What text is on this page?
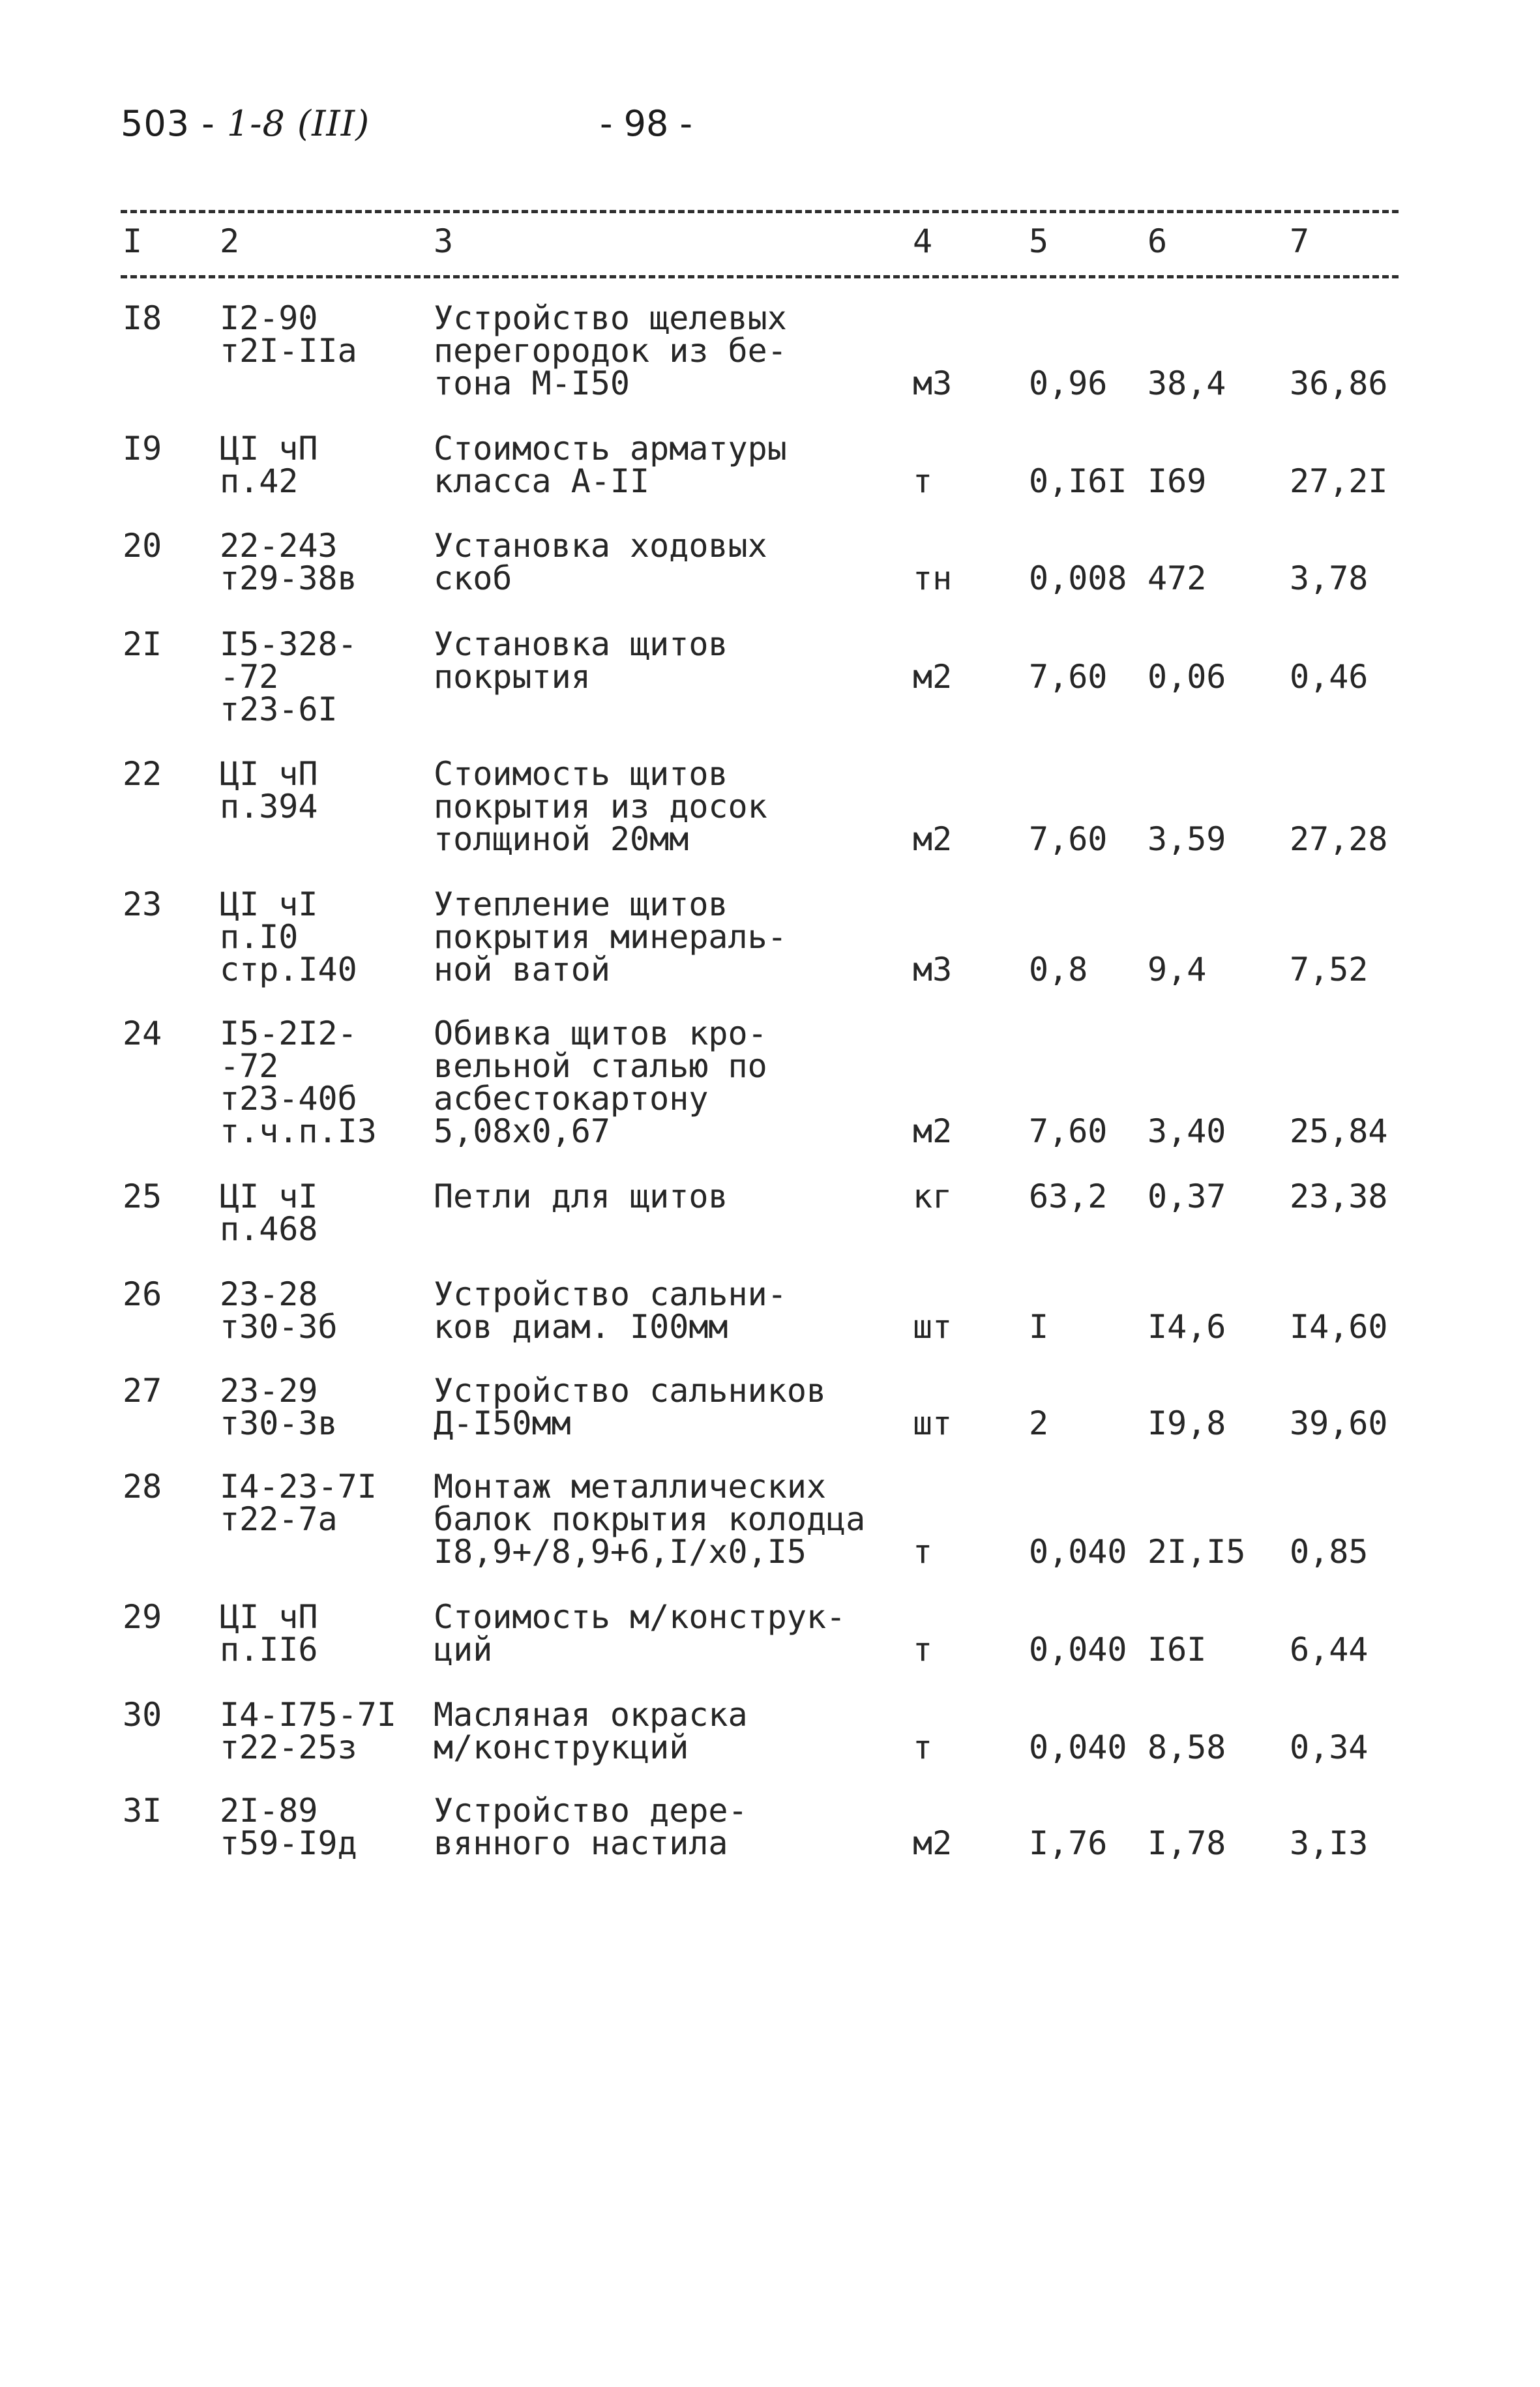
503 - 1-8 (III)	- 98 -
I 2	3	4	5	6	7
I8 I2-90
т2I-IIa
Устройство щелевых
перегородок из бе-
тона М-I50	м3 0,96 38,4 36,86
I9 ЦI чП
п.42
Стоимость арматуры
класса А-II	т	0,I6I I69	27,2I
20 22-243
т29-38в
Установка ходовых
скоб	тн 0,008 472	3,78
2I I5-328-
-72
т23-6I
Установка щитов
покрытия	м2 7,60 0,06 0,46
22 ЦI чП
п.394
Стоимость щитов
покрытия из досок
толщиной 20мм	м2 7,60 3,59 27,28
23 ЦI чI
п.I0
стр.I40
Утепление щитов
покрытия минераль-
ной ватой	м3 0,8 9,4	7,52
24 I5-2I2-
-72
т23-40б
т.ч.п.I3
Обивка щитов кро-
вельной сталью по
асбестокартону
5,08х0,67	м2 7,60 3,40 25,84
25 ЦI чI
п.468
Петли для щитов	кг 63,2 0,37 23,38
26 23-28
т30-3б
Устройство сальни-
ков диам. I00мм	шт I	I4,6 I4,60
27 23-29
т30-3в
Устройство сальников
Д-I50мм	шт 2	I9,8 39,60
28 I4-23-7I
т22-7а
Монтаж металлических
балок покрытия колодца
I8,9+/8,9+6,I/х0,I5	т	0,040 2I,I5 0,85
29 ЦI чП
п.II6
Стоимость м/конструк-
ций	т	0,040 I6I	6,44
30 I4-I75-7I
т22-25з
Масляная окраска
м/конструкций	т	0,040 8,58 0,34
3I 2I-89
т59-I9д
Устройство дере-
вянного настила	м2 I,76 I,78 3,I3
